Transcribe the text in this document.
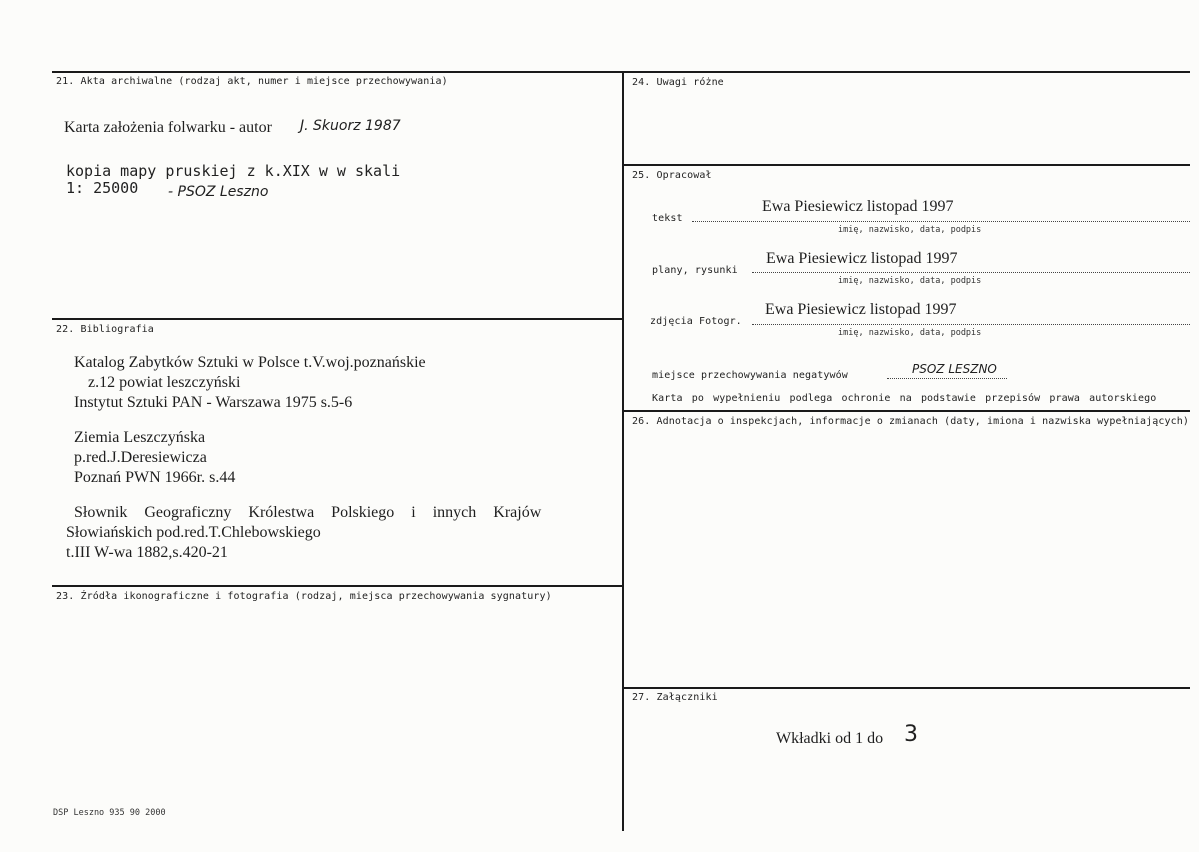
21. Akta archiwalne (rodzaj akt, numer i miejsce przechowywania)
Karta założenia folwarku - autor J. Skuorz 1987
kopia mapy pruskiej z k.XIX w w skali
1: 25000 - PSOZ Leszno
22. Bibliografia
Katalog Zabytków Sztuki w Polsce t.V.woj.poznańskie
z.12 powiat leszczyński
Instytut Sztuki PAN - Warszawa 1975 s.5-6
Ziemia Leszczyńska
p.red.J.Deresiewicza
Poznań PWN 1966r. s.44
Słownik Geograficzny Królestwa Polskiego i innych Krajów
Słowiańskich pod.red.T.Chlebowskiego
t.III W-wa 1882,s.420-21
23. Źródła ikonograficzne i fotografia (rodzaj, miejsca przechowywania sygnatury)
DSP Leszno 935 90 2000
24. Uwagi różne
25. Opracował
tekst
Ewa Piesiewicz listopad 1997
imię, nazwisko, data, podpis
plany, rysunki
Ewa Piesiewicz listopad 1997
imię, nazwisko, data, podpis
zdjęcia Fotogr.
Ewa Piesiewicz listopad 1997
imię, nazwisko, data, podpis
miejsce przechowywania negatywów	PSOZ LESZNO
Karta po wypełnieniu podlega ochronie na podstawie przepisów prawa autorskiego
26. Adnotacja o inspekcjach, informacje o zmianach (daty, imiona i nazwiska wypełniających)
27. Załączniki
Wkładki od 1 do 3
